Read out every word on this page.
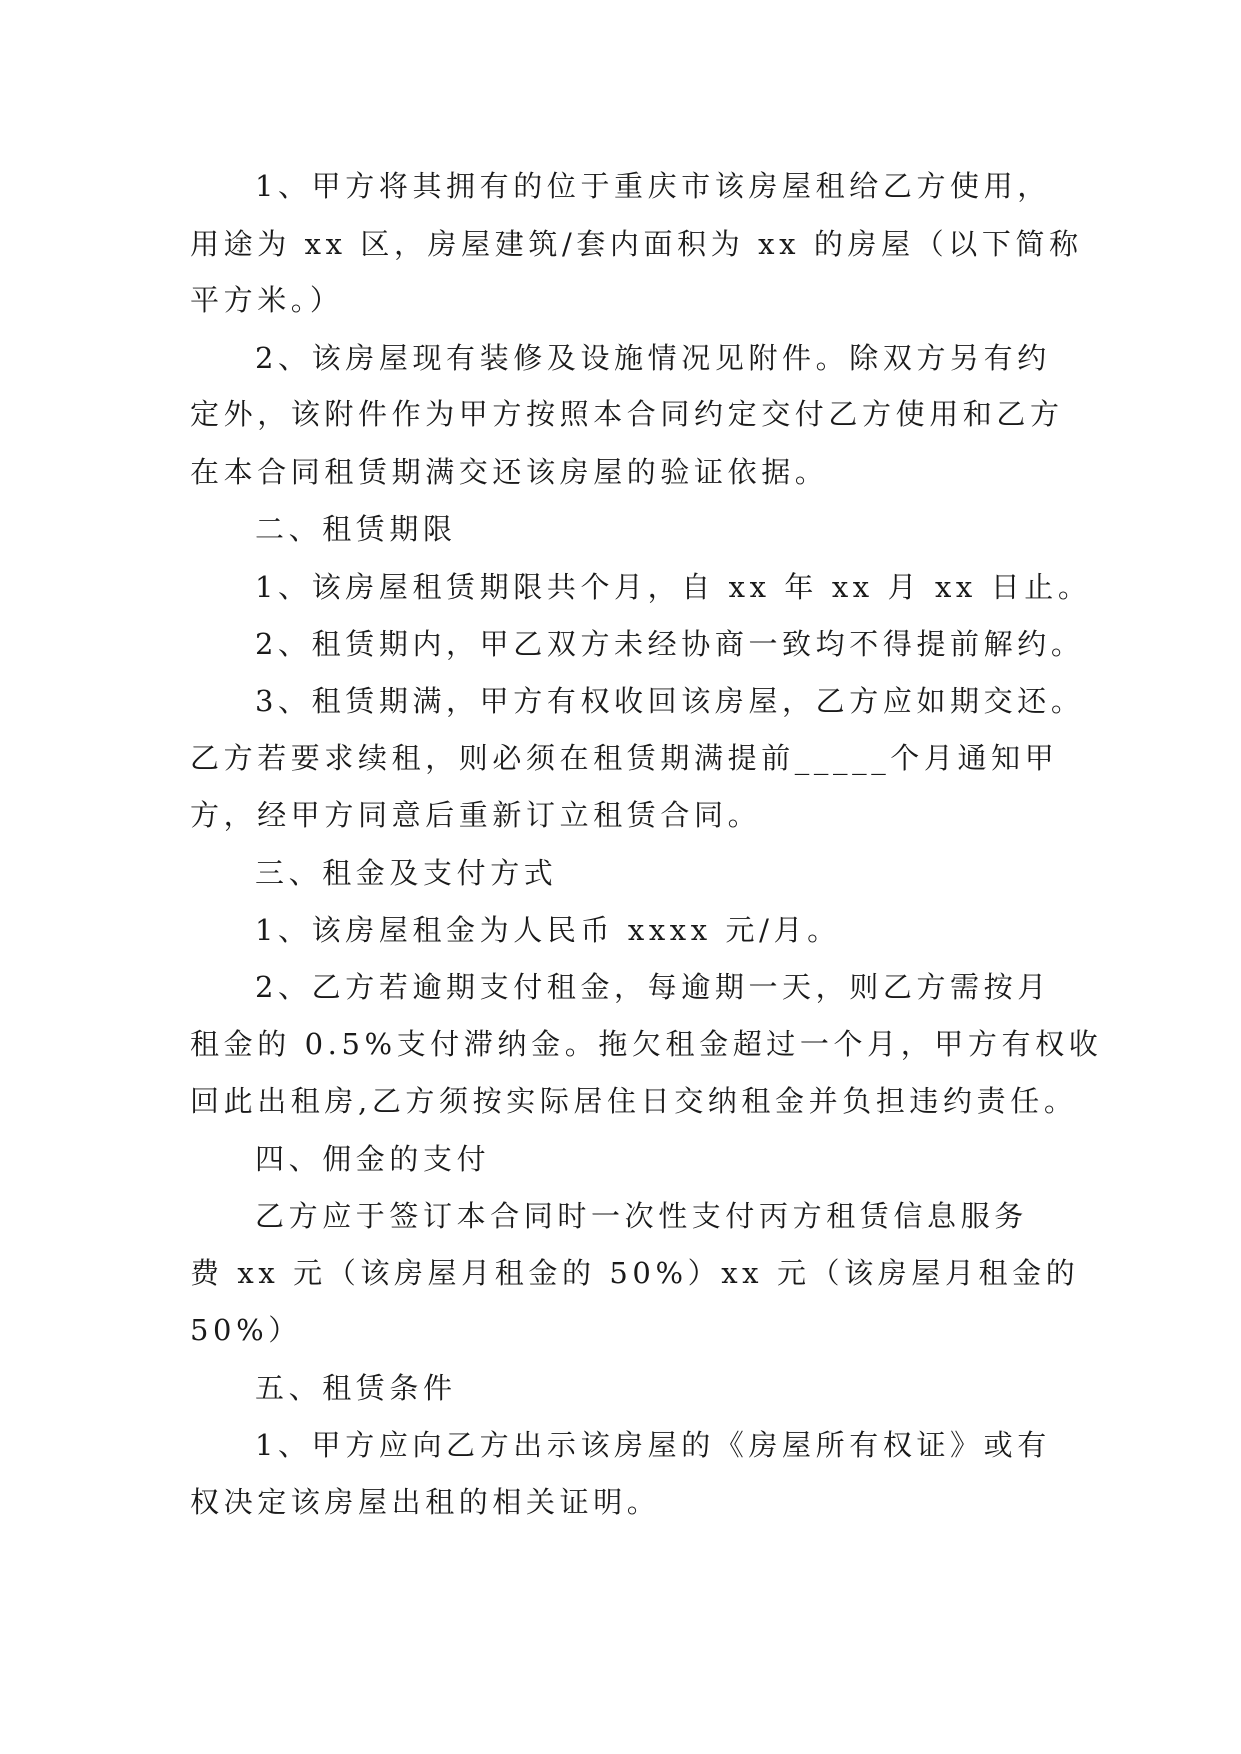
1、甲方将其拥有的位于重庆市该房屋租给乙方使用，

用途为 xx 区，房屋建筑/套内面积为 xx 的房屋（以下简称

平方米。）

2、该房屋现有装修及设施情况见附件。除双方另有约

定外，该附件作为甲方按照本合同约定交付乙方使用和乙方

在本合同租赁期满交还该房屋的验证依据。

二、租赁期限

1、该房屋租赁期限共个月，自 xx 年 xx 月 xx 日止。

2、租赁期内，甲乙双方未经协商一致均不得提前解约。

3、租赁期满，甲方有权收回该房屋，乙方应如期交还。

乙方若要求续租，则必须在租赁期满提前_____个月通知甲

方，经甲方同意后重新订立租赁合同。

三、租金及支付方式

1、该房屋租金为人民币 xxxx 元/月。

2、乙方若逾期支付租金，每逾期一天，则乙方需按月

租金的 0.5%支付滞纳金。拖欠租金超过一个月，甲方有权收

回此出租房,乙方须按实际居住日交纳租金并负担违约责任。

四、佣金的支付

乙方应于签订本合同时一次性支付丙方租赁信息服务

费 xx 元（该房屋月租金的 50%）xx 元（该房屋月租金的

50%）

五、租赁条件

1、甲方应向乙方出示该房屋的《房屋所有权证》或有

权决定该房屋出租的相关证明。
